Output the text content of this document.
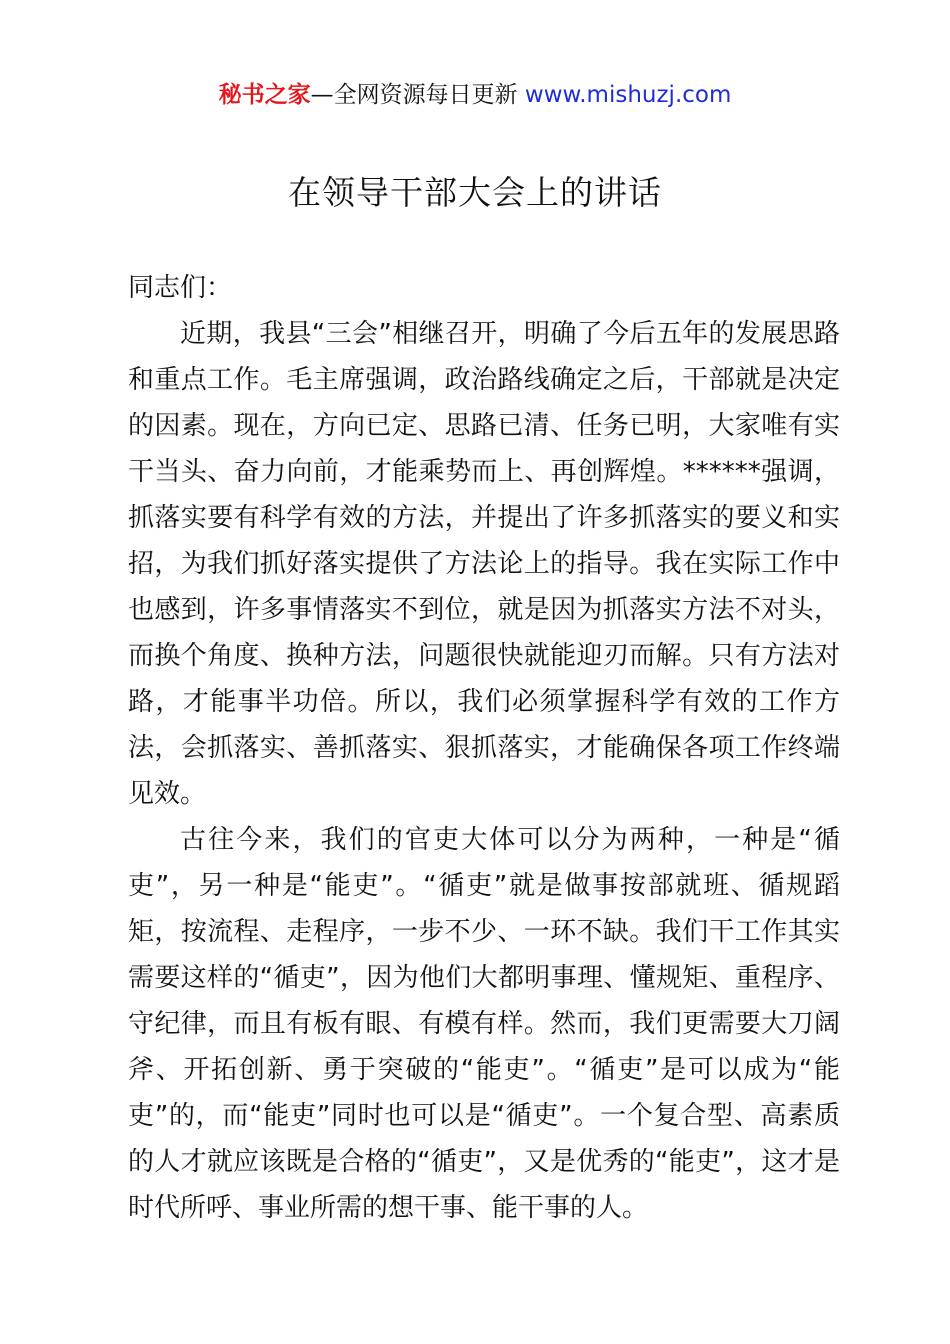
秘书之家—全网资源每日更新 www.mishuzj.com
在领导干部大会上的讲话

同志们：

近期，我县“三会”相继召开，明确了今后五年的发展思路和重点工作。毛主席强调，政治路线确定之后，干部就是决定的因素。现在，方向已定、思路已清、任务已明，大家唯有实干当头、奋力向前，才能乘势而上、再创辉煌。******强调，抓落实要有科学有效的方法，并提出了许多抓落实的要义和实招，为我们抓好落实提供了方法论上的指导。我在实际工作中也感到，许多事情落实不到位，就是因为抓落实方法不对头，而换个角度、换种方法，问题很快就能迎刃而解。只有方法对路，才能事半功倍。所以，我们必须掌握科学有效的工作方法，会抓落实、善抓落实、狠抓落实，才能确保各项工作终端见效。

古往今来，我们的官吏大体可以分为两种，一种是“循吏”，另一种是“能吏”。“循吏”就是做事按部就班、循规蹈矩，按流程、走程序，一步不少、一环不缺。我们干工作其实需要这样的“循吏”，因为他们大都明事理、懂规矩、重程序、守纪律，而且有板有眼、有模有样。然而，我们更需要大刀阔斧、开拓创新、勇于突破的“能吏”。“循吏”是可以成为“能吏”的，而“能吏”同时也可以是“循吏”。一个复合型、高素质的人才就应该既是合格的“循吏”，又是优秀的“能吏”，这才是时代所呼、事业所需的想干事、能干事的人。
